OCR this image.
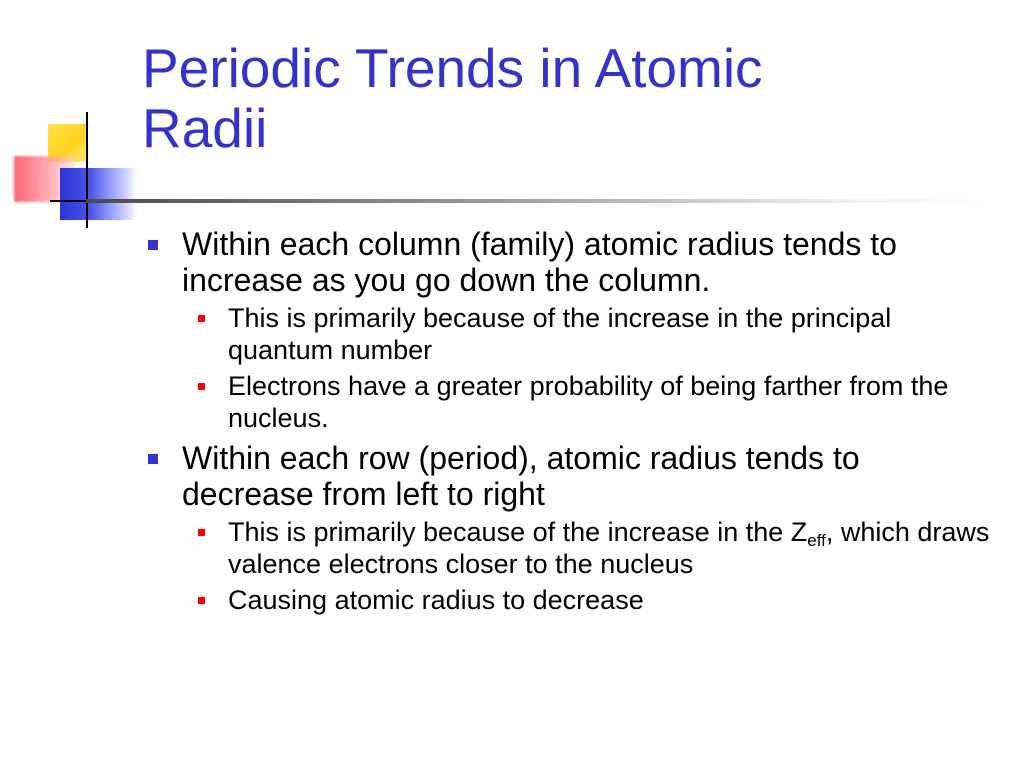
Periodic Trends in Atomic
Radii
Within each column (family) atomic radius tends to increase as you go down the column.
This is primarily because of the increase in the principal quantum number
Electrons have a greater probability of being farther from the nucleus.
Within each row (period), atomic radius tends to decrease from left to right
This is primarily because of the increase in the $Z_{eff}$, which draws valence electrons closer to the nucleus
Causing atomic radius to decrease
